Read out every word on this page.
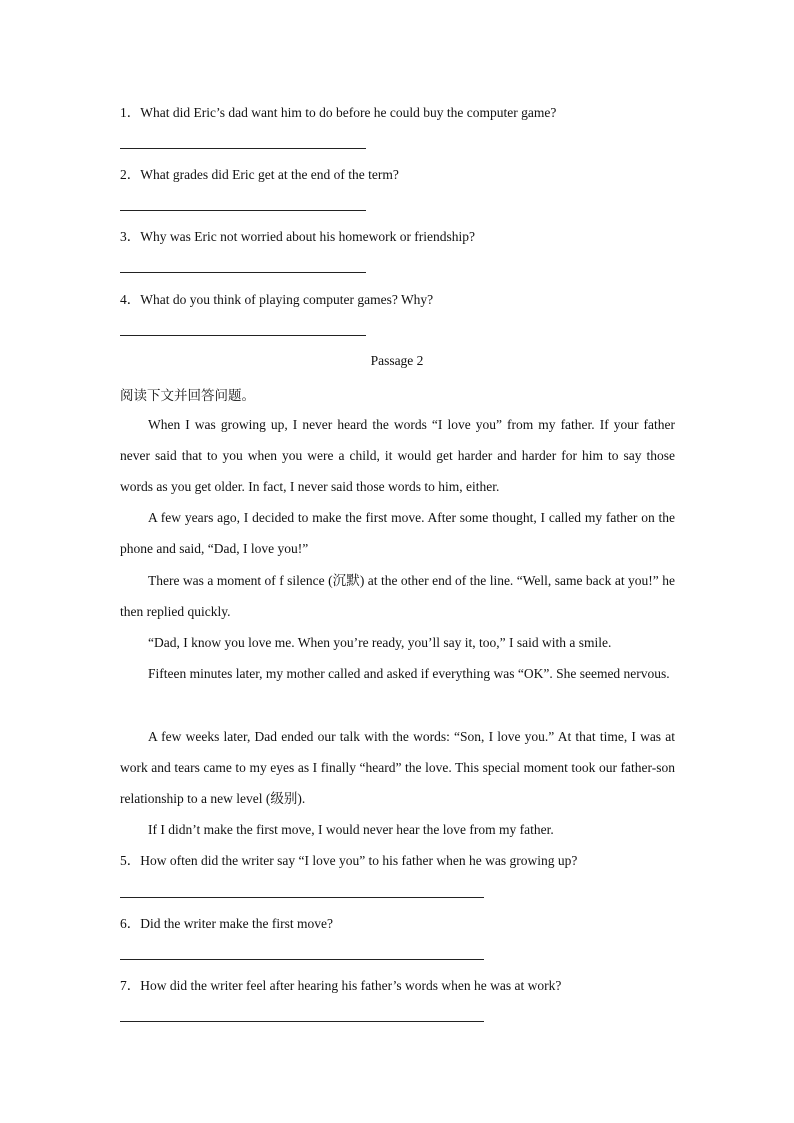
1．What did Eric’s dad want him to do before he could buy the computer game?
2．What grades did Eric get at the end of the term?
3．Why was Eric not worried about his homework or friendship?
4．What do you think of playing computer games? Why?
Passage 2
阅读下文并回答问题。
When I was growing up, I never heard the words “I love you” from my father. If your father never said that to you when you were a child, it would get harder and harder for him to say those words as you get older. In fact, I never said those words to him, either.
A few years ago, I decided to make the first move. After some thought, I called my father on the phone and said, “Dad, I love you!”
There was a moment of f silence (沉默) at the other end of the line. “Well, same back at you!” he then replied quickly.
“Dad, I know you love me. When you’re ready, you’ll say it, too,” I said with a smile.
Fifteen minutes later, my mother called and asked if everything was “OK”. She seemed nervous.
A few weeks later, Dad ended our talk with the words: “Son, I love you.” At that time, I was at work and tears came to my eyes as I finally “heard” the love. This special moment took our father-son relationship to a new level (级别).
If I didn’t make the first move, I would never hear the love from my father.
5．How often did the writer say “I love you” to his father when he was growing up?
6．Did the writer make the first move?
7．How did the writer feel after hearing his father’s words when he was at work?
